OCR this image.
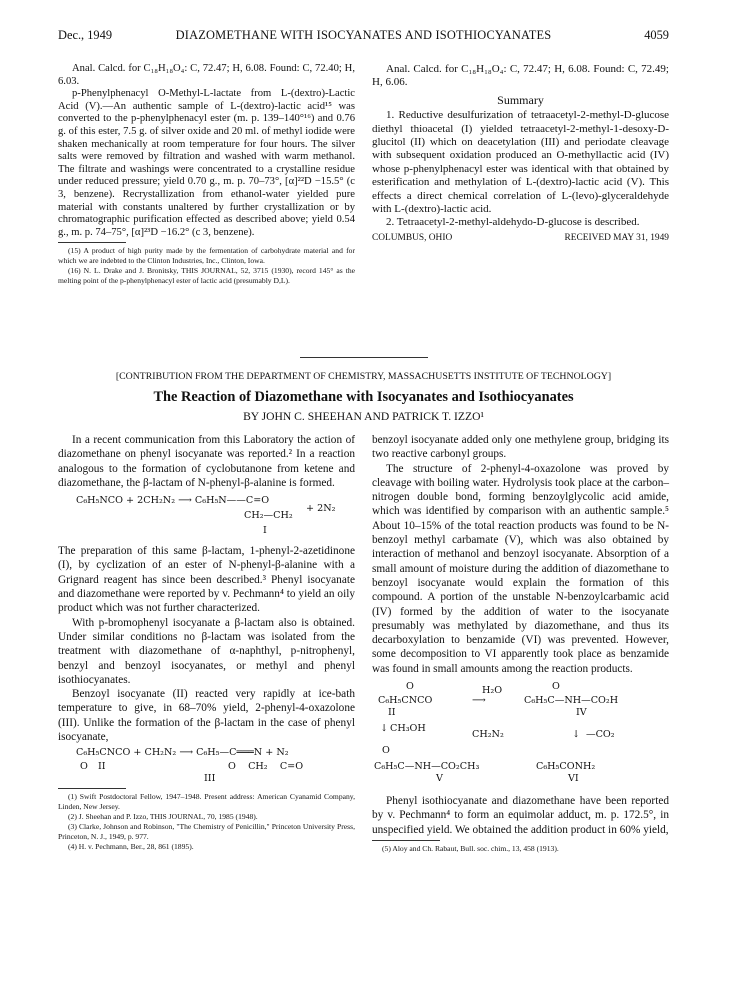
Dec., 1949	DIAZOMETHANE WITH ISOCYANATES AND ISOTHIOCYANATES	4059

Anal. Calcd. for C₁₈H₁₈O₄: C, 72.47; H, 6.08. Found: C, 72.40; H, 6.03.

p-Phenylphenacyl O-Methyl-L-lactate from L-(dextro)-Lactic Acid (V).—An authentic sample of L-(dextro)-lactic acid¹⁵ was converted to the p-phenylphenacyl ester (m. p. 139–140°¹⁶) and 0.76 g. of this ester, 7.5 g. of silver oxide and 20 ml. of methyl iodide were shaken mechanically at room temperature for four hours. The silver salts were removed by filtration and washed with warm methanol. The filtrate and washings were concentrated to a crystalline residue under reduced pressure; yield 0.70 g., m. p. 70–73°, [α]²²D −15.5° (c 3, benzene). Recrystallization from ethanol-water yielded pure material with constants unaltered by further crystallization or by chromatographic purification effected as described above; yield 0.54 g., m. p. 74–75°, [α]²³D −16.2° (c 3, benzene).

(15) A product of high purity made by the fermentation of carbohydrate material and for which we are indebted to the Clinton Industries, Inc., Clinton, Iowa.

(16) N. L. Drake and J. Bronitsky, THIS JOURNAL, 52, 3715 (1930), record 145° as the melting point of the p-phenylphenacyl ester of lactic acid (presumably D,L).

Anal. Calcd. for C₁₈H₁₈O₄: C, 72.47; H, 6.08. Found: C, 72.49; H, 6.06.

Summary

1. Reductive desulfurization of tetraacetyl-2-methyl-D-glucose diethyl thioacetal (I) yielded tetraacetyl-2-methyl-1-desoxy-D-glucitol (II) which on deacetylation (III) and periodate cleavage with subsequent oxidation produced an O-methyllactic acid (IV) whose p-phenylphenacyl ester was identical with that obtained by esterification and methylation of L-(dextro)-lactic acid (V). This effects a direct chemical correlation of L-(levo)-glyceraldehyde with L-(dextro)-lactic acid.

2. Tetraacetyl-2-methyl-aldehydo-D-glucose is described.

COLUMBUS, OHIO	RECEIVED MAY 31, 1949
[CONTRIBUTION FROM THE DEPARTMENT OF CHEMISTRY, MASSACHUSETTS INSTITUTE OF TECHNOLOGY]
The Reaction of Diazomethane with Isocyanates and Isothiocyanates
BY JOHN C. SHEEHAN AND PATRICK T. IZZO¹

In a recent communication from this Laboratory the action of diazomethane on phenyl isocyanate was reported.² In a reaction analogous to the formation of cyclobutanone from ketene and diazomethane, the β-lactam of N-phenyl-β-alanine is formed.

C₆H₅NCO + 2CH₂N₂ ⟶ C₆H₅N——C=O
CH₂—CH₂
+ 2N₂
I

The preparation of this same β-lactam, 1-phenyl-2-azetidinone (I), by cyclization of an ester of N-phenyl-β-alanine with a Grignard reagent has since been described.³ Phenyl isocyanate and diazomethane were reported by v. Pechmann⁴ to yield an oily product which was not further characterized.

With p-bromophenyl isocyanate a β-lactam also is obtained. Under similar conditions no β-lactam was isolated from the treatment with diazomethane of α-naphthyl, p-nitrophenyl, benzyl and benzoyl isocyanates, or methyl and phenyl isothiocyanates.

Benzoyl isocyanate (II) reacted very rapidly at ice-bath temperature to give, in 68–70% yield, 2-phenyl-4-oxazolone (III). Unlike the formation of the β-lactam in the case of phenyl isocyanate,

C₆H₅CNCO + CH₂N₂ ⟶ C₆H₅—C═══N + N₂
O II	O    CH₂    C=O
III

(1) Swift Postdoctoral Fellow, 1947–1948. Present address: American Cyanamid Company, Linden, New Jersey.

(2) J. Sheehan and P. Izzo, THIS JOURNAL, 70, 1985 (1948).

(3) Clarke, Johnson and Robinson, "The Chemistry of Penicillin," Princeton University Press, Princeton, N. J., 1949, p. 977.

(4) H. v. Pechmann, Ber., 28, 861 (1895).

benzoyl isocyanate added only one methylene group, bridging its two reactive carbonyl groups.

The structure of 2-phenyl-4-oxazolone was proved by cleavage with boiling water. Hydrolysis took place at the carbon–nitrogen double bond, forming benzoylglycolic acid amide, which was identified by comparison with an authentic sample.⁵ About 10–15% of the total reaction products was found to be N-benzoyl methyl carbamate (V), which was also obtained by interaction of methanol and benzoyl isocyanate. Absorption of a small amount of moisture during the addition of diazomethane to benzoyl isocyanate would explain the formation of this compound. A portion of the unstable N-benzoylcarbamic acid (IV) formed by the addition of water to the isocyanate presumably was methylated by diazomethane, and thus its decarboxylation to benzamide (VI) was prevented. However, some decomposition to VI apparently took place as benzamide was found in small amounts among the reaction products.

O	O
C₆H₅CNCO
H₂O
⟶	C₆H₅C—NH—CO₂H
II	IV
↓ CH₃OH
CH₂N₂	↓ —CO₂
O
C₆H₅C—NH—CO₂CH₃	C₆H₅CONH₂
V	VI

Phenyl isothiocyanate and diazomethane have been reported by v. Pechmann⁴ to form an equimolar adduct, m. p. 172.5°, in unspecified yield. We obtained the addition product in 60% yield,

(5) Aloy and Ch. Rabaut, Bull. soc. chim., 13, 458 (1913).
